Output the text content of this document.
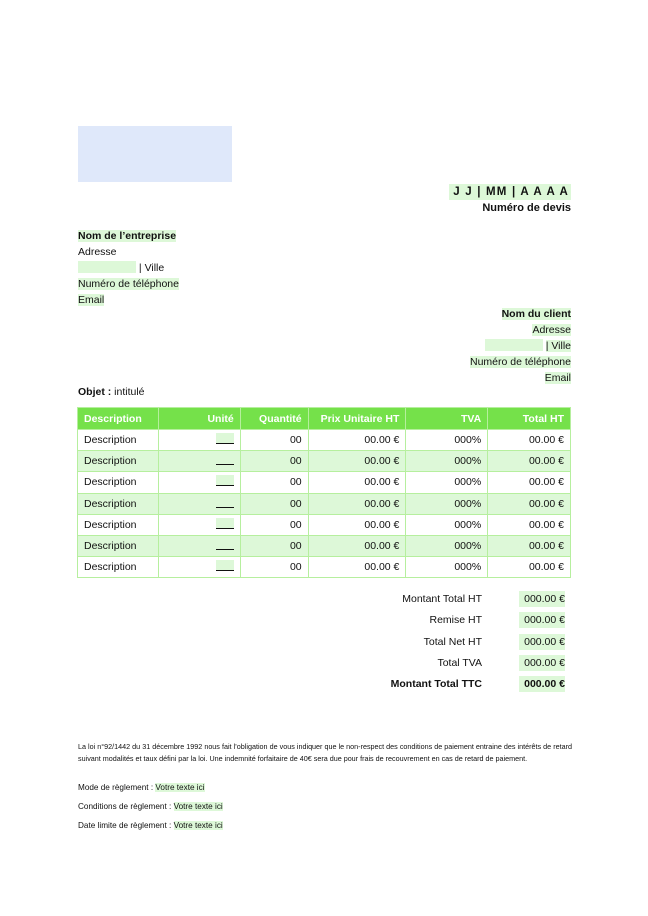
J J | MM | A A A A
Numéro de devis
Nom de l’entreprise
Adresse
| Ville
Numéro de téléphone
Email
Nom du client
Adresse
| Ville
Numéro de téléphone
Email
Objet : intitulé
Description	Unité	Quantité	Prix Unitaire HT	TVA	Total HT
Description		00	00.00 €	000%	00.00 €
Description		00	00.00 €	000%	00.00 €
Description		00	00.00 €	000%	00.00 €
Description		00	00.00 €	000%	00.00 €
Description		00	00.00 €	000%	00.00 €
Description		00	00.00 €	000%	00.00 €
Description		00	00.00 €	000%	00.00 €
Montant Total HT	000.00 €
Remise HT	000.00 €
Total Net HT	000.00 €
Total TVA	000.00 €
Montant Total TTC	000.00 €
La loi n°92/1442 du 31 décembre 1992 nous fait l’obligation de vous indiquer que le non-respect des conditions de paiement entraine des intérêts de retard suivant modalités et taux défini par la loi. Une indemnité forfaitaire de 40€ sera due pour frais de recouvrement en cas de retard de paiement.
Mode de règlement : Votre texte ici
Conditions de règlement : Votre texte ici
Date limite de règlement : Votre texte ici
